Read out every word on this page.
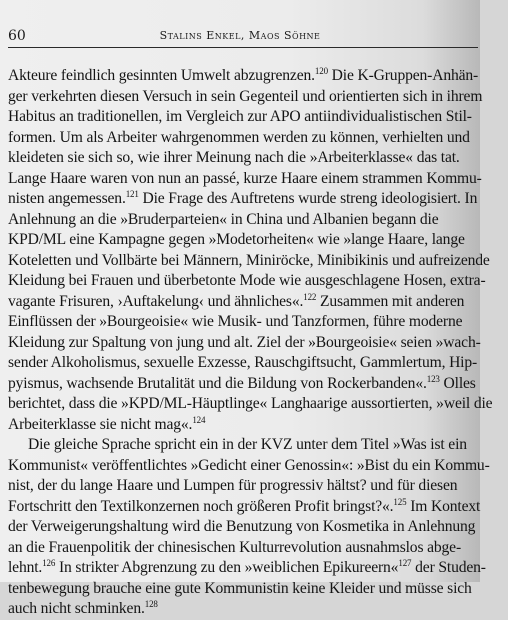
60	Stalins Enkel, Maos Söhne
Akteure feindlich gesinnten Umwelt abzugrenzen.$^{120}$ Die K-Gruppen-Anhän-
ger verkehrten diesen Versuch in sein Gegenteil und orientierten sich in ihrem
Habitus an traditionellen, im Vergleich zur APO antiindividualistischen Stil-
formen. Um als Arbeiter wahrgenommen werden zu können, verhielten und
kleideten sie sich so, wie ihrer Meinung nach die »Arbeiterklasse« das tat.
Lange Haare waren von nun an passé, kurze Haare einem strammen Kommu-
nisten angemessen.$^{121}$ Die Frage des Auftretens wurde streng ideologisiert. In
Anlehnung an die »Bruderparteien« in China und Albanien begann die
KPD/ML eine Kampagne gegen »Modetorheiten« wie »lange Haare, lange
Koteletten und Vollbärte bei Männern, Miniröcke, Minibikinis und aufreizende
Kleidung bei Frauen und überbetonte Mode wie ausgeschlagene Hosen, extra-
vagante Frisuren, ›Auftakelung‹ und ähnliches«.$^{122}$ Zusammen mit anderen
Einflüssen der »Bourgeoisie« wie Musik- und Tanzformen, führe moderne
Kleidung zur Spaltung von jung und alt. Ziel der »Bourgeoisie« seien »wach-
sender Alkoholismus, sexuelle Exzesse, Rauschgiftsucht, Gammlertum, Hip-
pyismus, wachsende Brutalität und die Bildung von Rockerbanden«.$^{123}$ Olles
berichtet, dass die »KPD/ML-Häuptlinge« Langhaarige aussortierten, »weil die
Arbeiterklasse sie nicht mag«.$^{124}$
Die gleiche Sprache spricht ein in der KVZ unter dem Titel »Was ist ein
Kommunist« veröffentlichtes »Gedicht einer Genossin«: »Bist du ein Kommu-
nist, der du lange Haare und Lumpen für progressiv hältst? und für diesen
Fortschritt den Textilkonzernen noch größeren Profit bringst?«.$^{125}$ Im Kontext
der Verweigerungshaltung wird die Benutzung von Kosmetika in Anlehnung
an die Frauenpolitik der chinesischen Kulturrevolution ausnahmslos abge-
lehnt.$^{126}$ In strikter Abgrenzung zu den »weiblichen Epikureern«$^{127}$ der Studen-
tenbewegung brauche eine gute Kommunistin keine Kleider und müsse sich
auch nicht schminken.$^{128}$
